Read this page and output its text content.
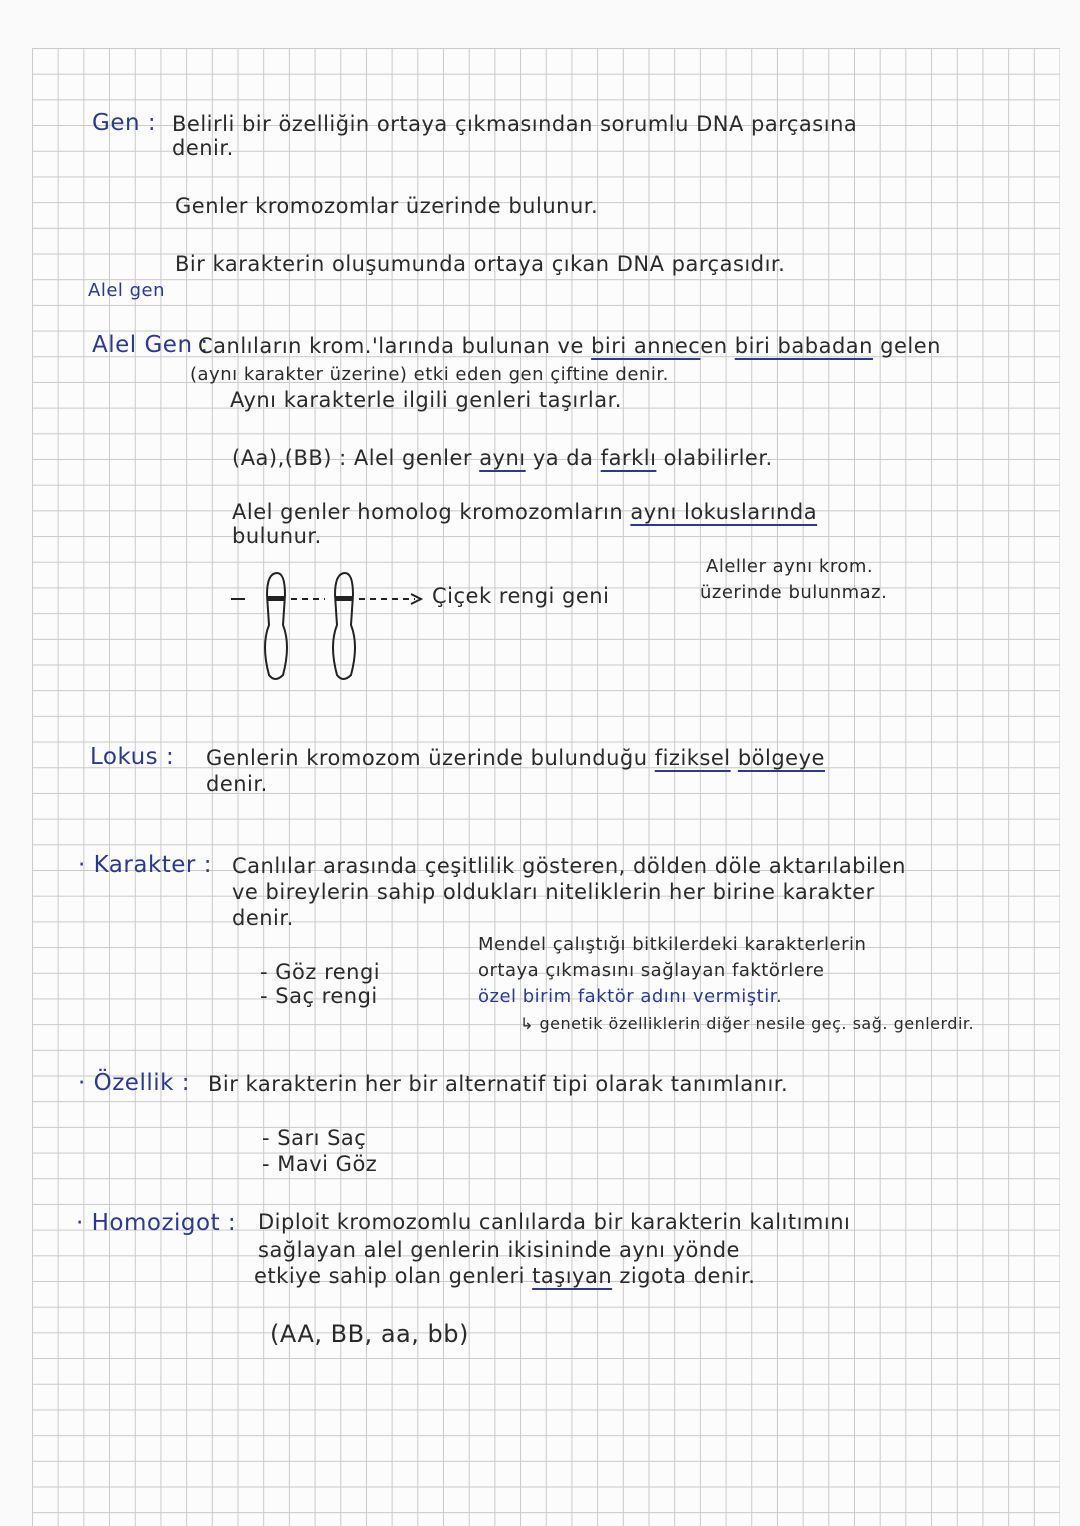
Gen : Belirli bir özelliğin ortaya çıkmasından sorumlu DNA parçasına
denir.
Genler kromozomlar üzerinde bulunur.
Bir karakterin oluşumunda ortaya çıkan DNA parçasıdır.
Alel gen
Alel Gen :
Canlıların krom.'larında bulunan ve biri annecen biri babadan gelen
(aynı karakter üzerine) etki eden gen çiftine denir.
Aynı karakterle ilgili genleri taşırlar.
(Aa),(BB) : Alel genler aynı ya da farklı olabilirler.
Alel genler homolog kromozomların aynı lokuslarında
bulunur.
Çiçek rengi geni
Aleller aynı krom.
üzerinde bulunmaz.
Lokus : Genlerin kromozom üzerinde bulunduğu fiziksel bölgeye
denir.
· Karakter : Canlılar arasında çeşitlilik gösteren, dölden döle aktarılabilen
ve bireylerin sahip oldukları niteliklerin her birine karakter
denir.
- Göz rengi
- Saç rengi
Mendel çalıştığı bitkilerdeki karakterlerin
ortaya çıkmasını sağlayan faktörlere
özel birim faktör adını vermiştir.
↳ genetik özelliklerin diğer nesile geç. sağ. genlerdir.
· Özellik : Bir karakterin her bir alternatif tipi olarak tanımlanır.
- Sarı Saç
- Mavi Göz
· Homozigot : Diploit kromozomlu canlılarda bir karakterin kalıtımını
sağlayan alel genlerin ikisininde aynı yönde
etkiye sahip olan genleri taşıyan zigota denir.
(AA, BB, aa, bb)
